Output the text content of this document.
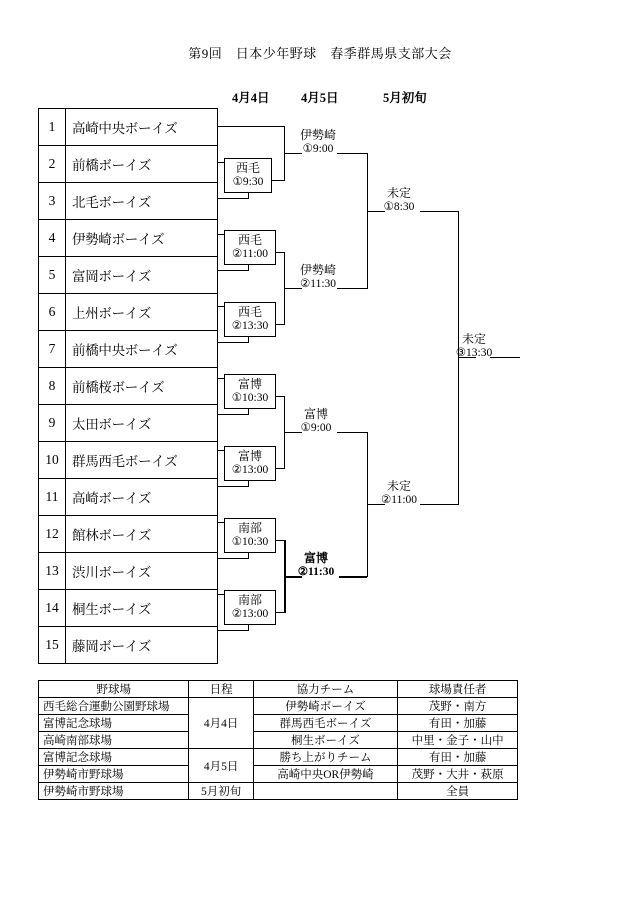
第9回　日本少年野球　春季群馬県支部大会
4月4日	4月5日	5月初旬
1	高崎中央ボーイズ
2	前橋ボーイズ
3	北毛ボーイズ
4	伊勢崎ボーイズ
5	富岡ボーイズ
6	上州ボーイズ
7	前橋中央ボーイズ
8	前橋桜ボーイズ
9	太田ボーイズ
10	群馬西毛ボーイズ
11	高崎ボーイズ
12	館林ボーイズ
13	渋川ボーイズ
14	桐生ボーイズ
15	藤岡ボーイズ
西毛
①9:30
西毛
②11:00
西毛
②13:30
富博
①10:30
富博
②13:00
南部
①10:30
南部
②13:00
伊勢崎
①9:00
伊勢崎
②11:30
富博
①9:00
富博
②11:30
未定
①8:30
未定
②11:00
未定
③13:30
野球場	日程	協力チーム	球場責任者
西毛総合運動公園野球場	4月4日	伊勢崎ボーイズ	茂野・南方
富博記念球場		群馬西毛ボーイズ	有田・加藤
高崎南部球場		桐生ボーイズ	中里・金子・山中
富博記念球場	4月5日	勝ち上がりチーム	有田・加藤
伊勢崎市野球場		高崎中央OR伊勢崎	茂野・大井・萩原
伊勢崎市野球場	5月初旬		全員
